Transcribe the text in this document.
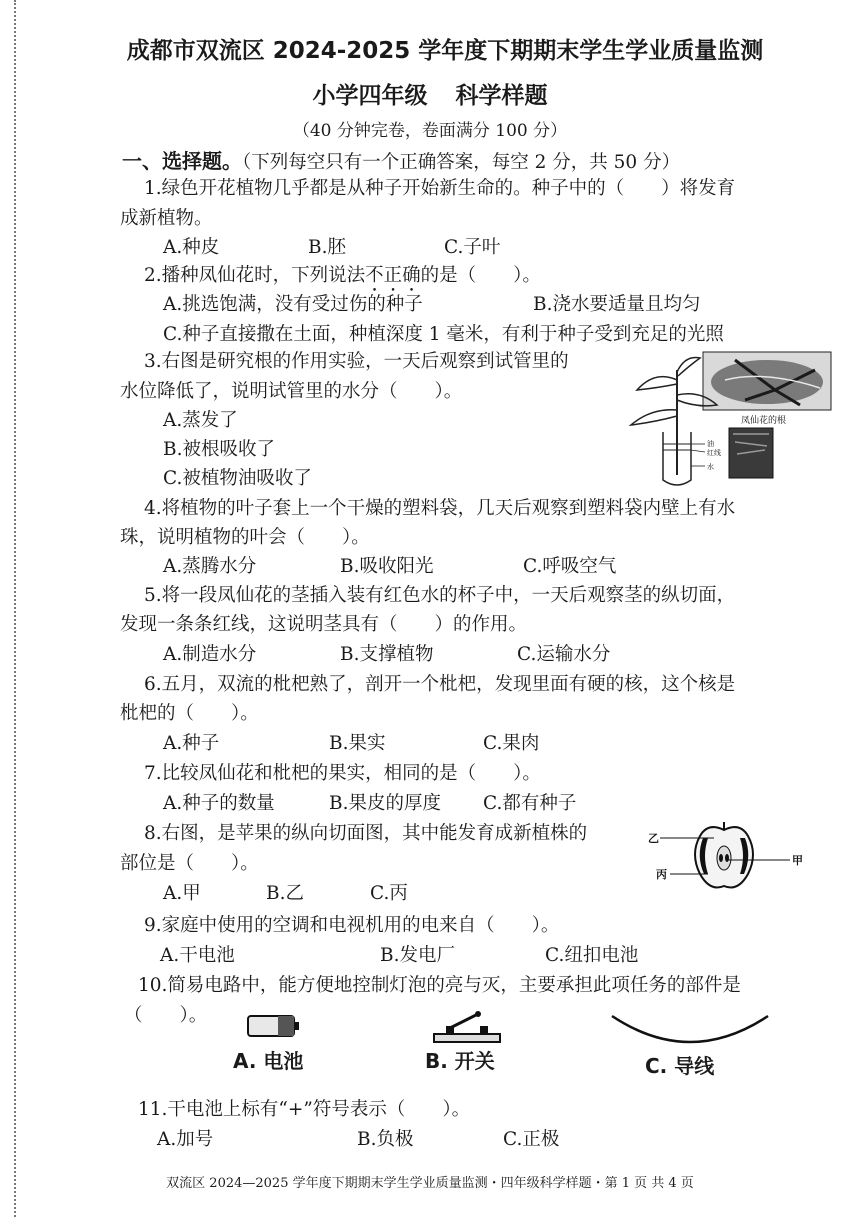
成都市双流区 2024-2025 学年度下期期末学生学业质量监测
小学四年级 科学样题
（40 分钟完卷，卷面满分 100 分）
一、选择题。（下列每空只有一个正确答案，每空 2 分，共 50 分）
1.绿色开花植物几乎都是从种子开始新生命的。种子中的（　　）将发育
成新植物。
A.种皮	B.胚	C.子叶
2.播种凤仙花时，下列说法不正确的是（　　）。
A.挑选饱满，没有受过伤的种子	B.浇水要适量且均匀
C.种子直接撒在土面，种植深度 1 毫米，有利于种子受到充足的光照
3.右图是研究根的作用实验，一天后观察到试管里的
水位降低了，说明试管里的水分（　　）。
A.蒸发了
B.被根吸收了
C.被植物油吸收了
凤仙花的根
油
红线
水
4.将植物的叶子套上一个干燥的塑料袋，几天后观察到塑料袋内壁上有水
珠，说明植物的叶会（　　）。
A.蒸腾水分	B.吸收阳光	C.呼吸空气
5.将一段凤仙花的茎插入装有红色水的杯子中，一天后观察茎的纵切面，
发现一条条红线，这说明茎具有（　　）的作用。
A.制造水分	B.支撑植物	C.运输水分
6.五月，双流的枇杷熟了，剖开一个枇杷，发现里面有硬的核，这个核是
枇杷的（　　）。
A.种子	B.果实	C.果肉
7.比较凤仙花和枇杷的果实，相同的是（　　）。
A.种子的数量	B.果皮的厚度 C.都有种子
8.右图，是苹果的纵向切面图，其中能发育成新植株的
部位是（　　）。
A.甲	B.乙	C.丙
乙
丙
甲
9.家庭中使用的空调和电视机用的电来自（　　）。
A.干电池	B.发电厂	C.纽扣电池
10.简易电路中，能方便地控制灯泡的亮与灭，主要承担此项任务的部件是
（　　）。
A. 电池	B. 开关	C. 导线
11.干电池上标有“+”符号表示（　　）。
A.加号	B.负极	C.正极
双流区 2024—2025 学年度下期期末学生学业质量监测・四年级科学样题・第 1 页 共 4 页
